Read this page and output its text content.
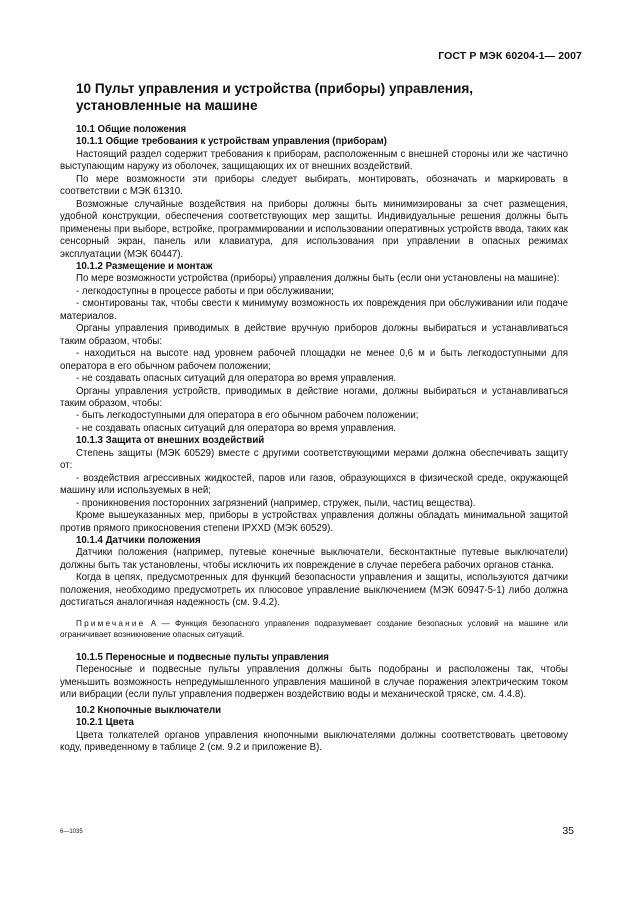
ГОСТ Р МЭК 60204-1— 2007
10 Пульт управления и устройства (приборы) управления, установленные на машине

10.1 Общие положения

10.1.1 Общие требования к устройствам управления (приборам)

Настоящий раздел содержит требования к приборам, расположенным с внешней стороны или же частично выступающим наружу из оболочек, защищающих их от внешних воздействий.

По мере возможности эти приборы следует выбирать, монтировать, обозначать и маркировать в соответствии с МЭК 61310.

Возможные случайные воздействия на приборы должны быть минимизированы за счет размещения, удобной конструкции, обеспечения соответствующих мер защиты. Индивидуальные решения должны быть применены при выборе, встройке, программировании и использовании оперативных устройств ввода, таких как сенсорный экран, панель или клавиатура, для использования при управлении в опасных режимах эксплуатации (МЭК 60447).

10.1.2 Размещение и монтаж

По мере возможности устройства (приборы) управления должны быть (если они установлены на машине):

- легкодоступны в процессе работы и при обслуживании;

- смонтированы так, чтобы свести к минимуму возможность их повреждения при обслуживании или подаче материалов.

Органы управления приводимых в действие вручную приборов должны выбираться и устанавливаться таким образом, чтобы:

- находиться на высоте над уровнем рабочей площадки не менее 0,6 м и быть легкодоступными для оператора в его обычном рабочем положении;

- не создавать опасных ситуаций для оператора во время управления.

Органы управления устройств, приводимых в действие ногами, должны выбираться и устанавливаться таким образом, чтобы:

- быть легкодоступными для оператора в его обычном рабочем положении;

- не создавать опасных ситуаций для оператора во время управления.

10.1.3 Защита от внешних воздействий

Степень защиты (МЭК 60529) вместе с другими соответствующими мерами должна обеспечивать защиту от:

- воздействия агрессивных жидкостей, паров или газов, образующихся в физической среде, окружающей машину или используемых в ней;

- проникновения посторонних загрязнений (например, стружек, пыли, частиц вещества).

Кроме вышеуказанных мер, приборы в устройствах управления должны обладать минимальной защитой против прямого прикосновения степени IPXXD (МЭК 60529).

10.1.4 Датчики положения

Датчики положения (например, путевые конечные выключатели, бесконтактные путевые выключатели) должны быть так установлены, чтобы исключить их повреждение в случае перебега рабочих органов станка.

Когда в цепях, предусмотренных для функций безопасности управления и защиты, используются датчики положения, необходимо предусмотреть их плюсовое управление выключением (МЭК 60947-5-1) либо должна достигаться аналогичная надежность (см. 9.4.2).

Примечание А — Функция безопасного управления подразумевает создание безопасных условий на машине или ограничивает возникновение опасных ситуаций.

10.1.5 Переносные и подвесные пульты управления

Переносные и подвесные пульты управления должны быть подобраны и расположены так, чтобы уменьшить возможность непредумышленного управления машиной в случае поражения электрическим током или вибрации (если пульт управления подвержен воздействию воды и механической тряске, см. 4.4.8).

10.2 Кнопочные выключатели

10.2.1 Цвета

Цвета толкателей органов управления кнопочными выключателями должны соответствовать цветовому коду, приведенному в таблице 2 (см. 9.2 и приложение В).

6—1035	35
